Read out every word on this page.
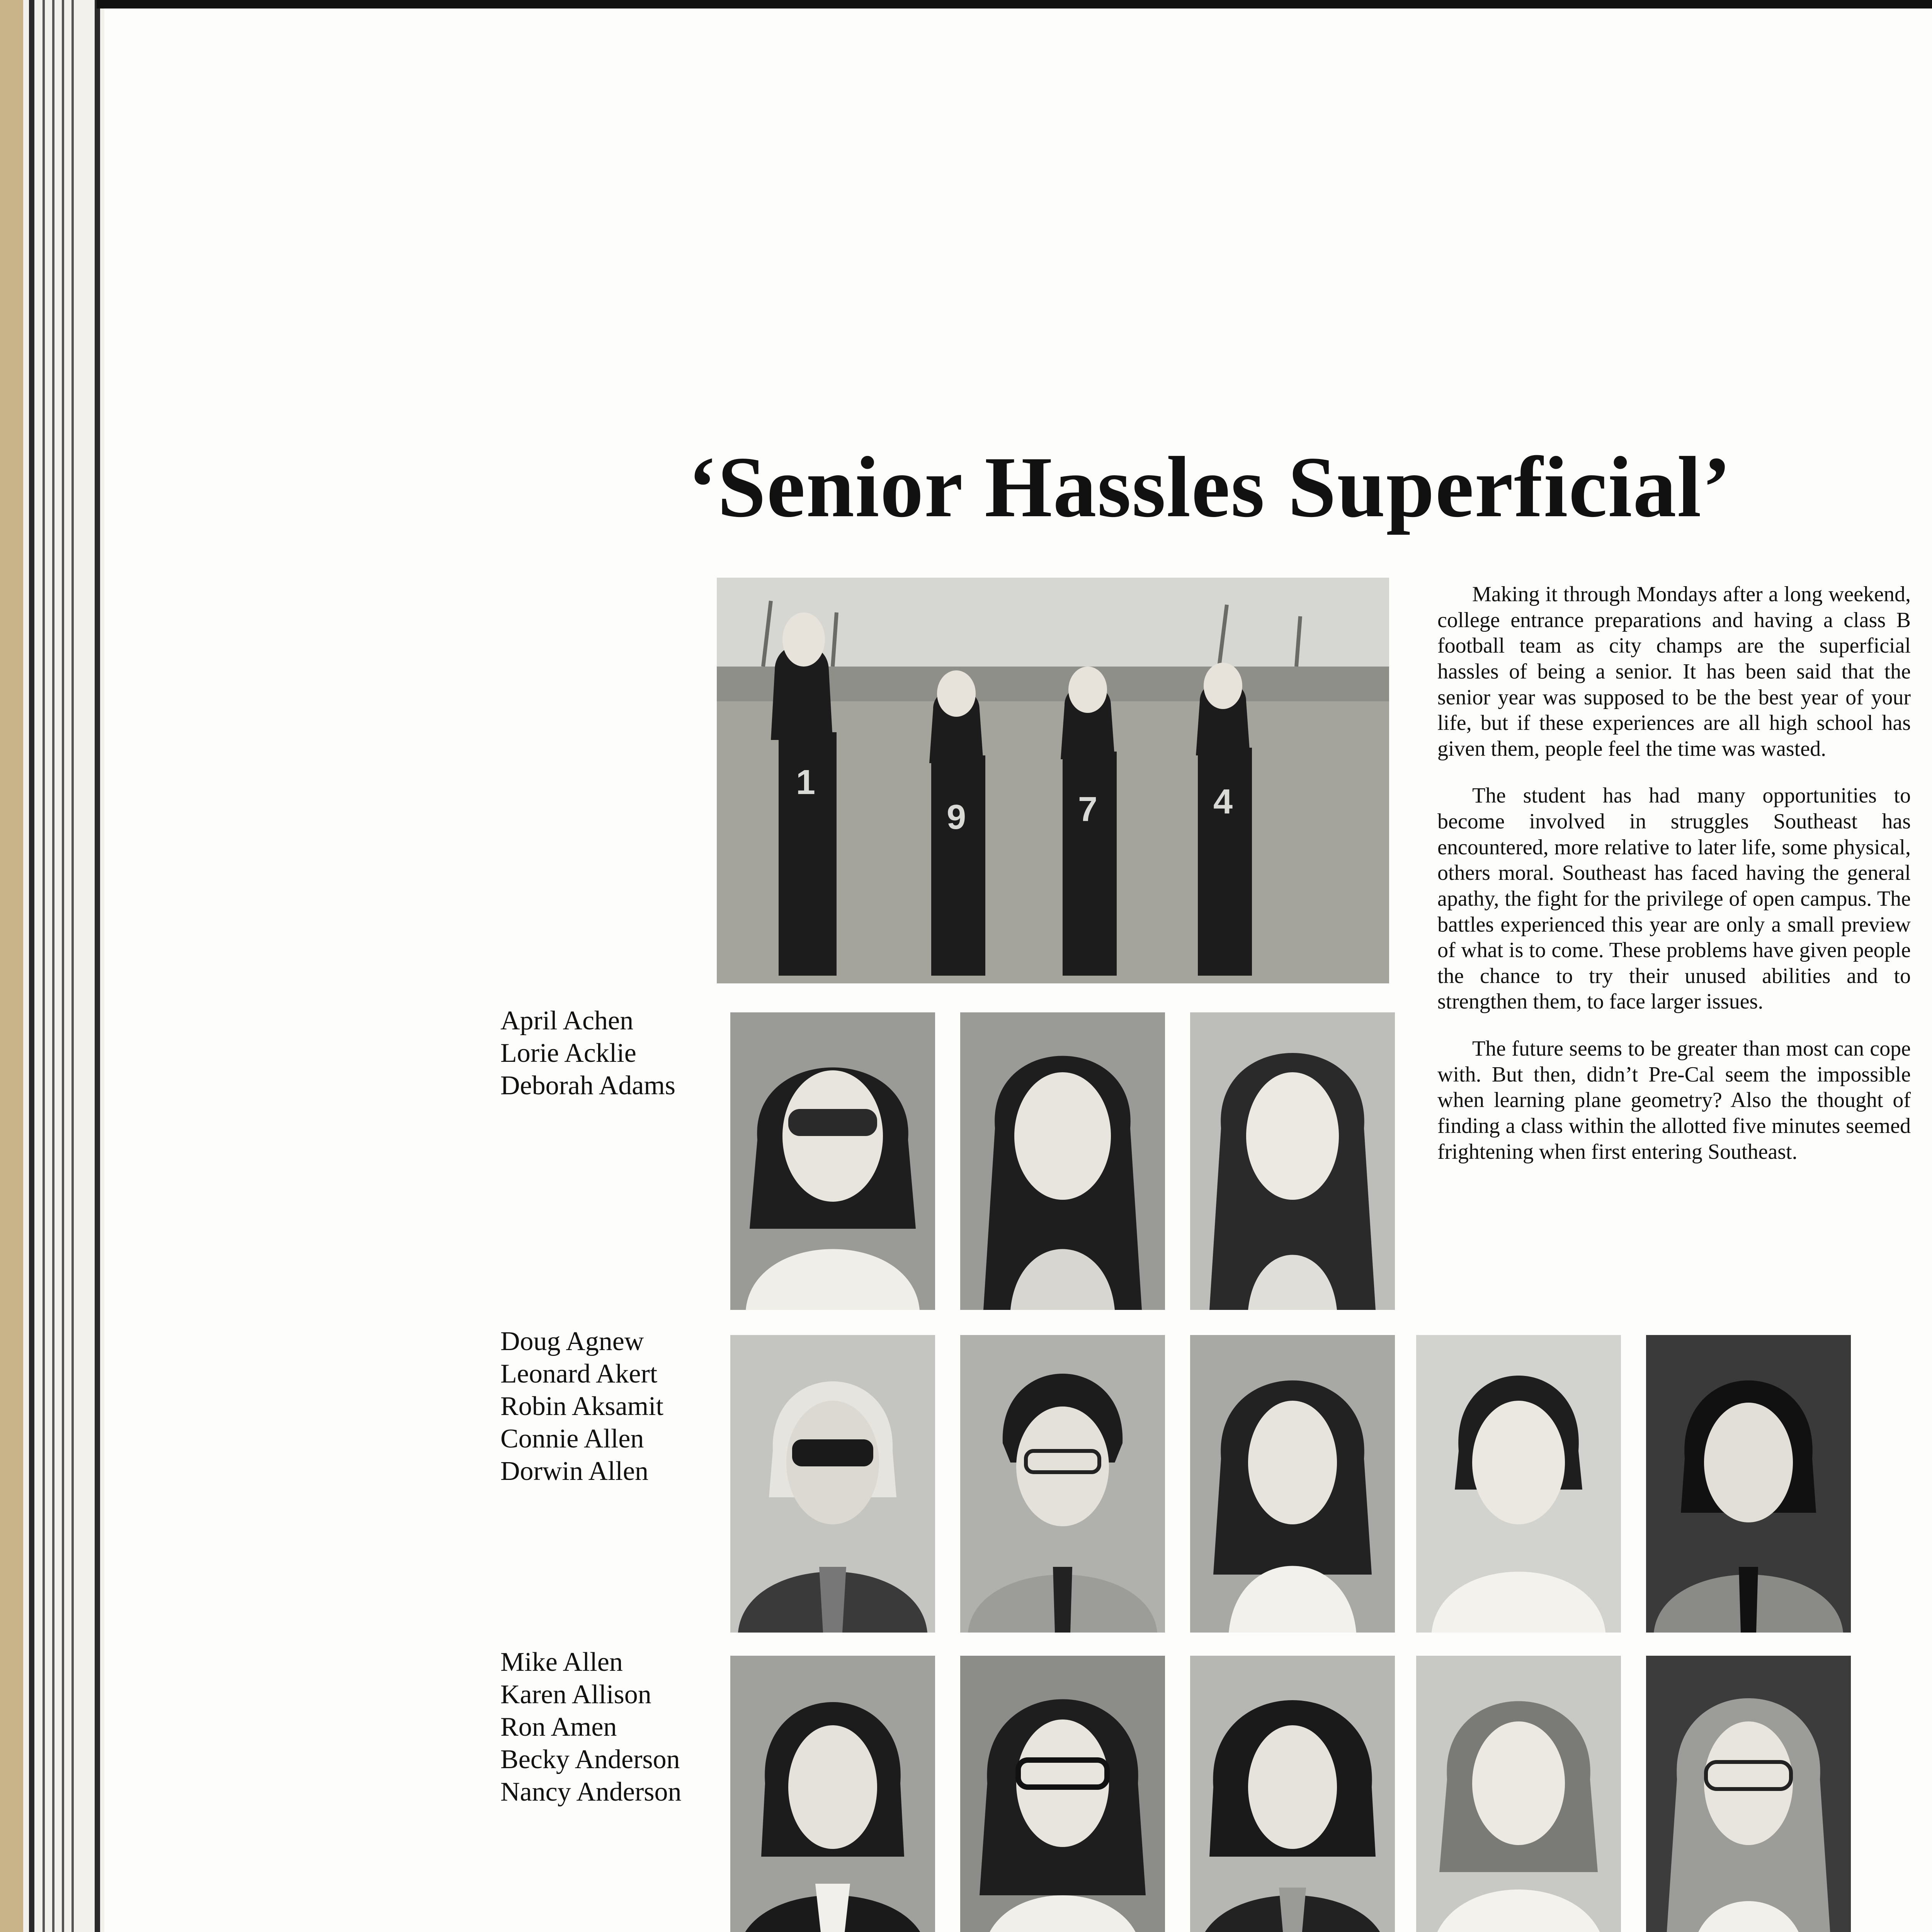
‘Senior Hassles Superficial’
1
9	7	4

Making it through Mondays after a long weekend, college entrance preparations and having a class B football team as city champs are the superficial hassles of being a senior. It has been said that the senior year was supposed to be the best year of your life, but if these experiences are all high school has given them, people feel the time was wasted.

The student has had many opportunities to become involved in struggles Southeast has encountered, more relative to later life, some physical, others moral. Southeast has faced having the general apathy, the fight for the privilege of open campus. The battles experienced this year are only a small preview of what is to come. These problems have given people the chance to try their unused abilities and to strengthen them, to face larger issues.

The future seems to be greater than most can cope with. But then, didn’t Pre-Cal seem the impossible when learning plane geometry? Also the thought of finding a class within the allotted five minutes seemed frightening when first entering Southeast.

April Achen
Lorie Acklie
Deborah Adams
Doug Agnew
Leonard Akert
Robin Aksamit
Connie Allen
Dorwin Allen
Mike Allen
Karen Allison
Ron Amen
Becky Anderson
Nancy Anderson
